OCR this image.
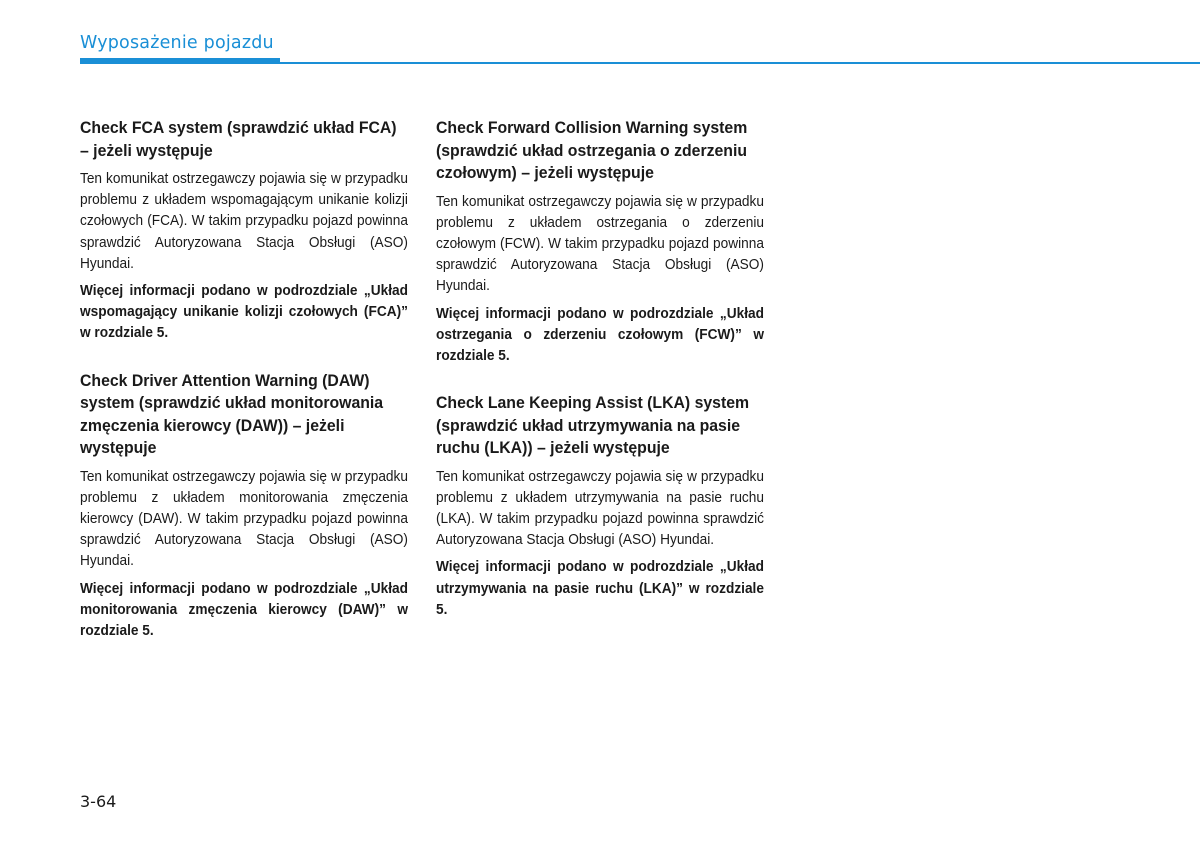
Wyposażenie pojazdu
Check FCA system (sprawdzić układ FCA) – jeżeli występuje

Ten komunikat ostrzegawczy pojawia się w przypadku problemu z układem wspomagającym unikanie kolizji czołowych (FCA). W takim przypadku pojazd powinna sprawdzić Autoryzowana Stacja Obsługi (ASO) Hyundai.

Więcej informacji podano w podrozdziale „Układ wspomagający unikanie kolizji czołowych (FCA)” w rozdziale 5.

Check Driver Attention Warning (DAW) system (sprawdzić układ monitorowania zmęczenia kierowcy (DAW)) – jeżeli występuje

Ten komunikat ostrzegawczy pojawia się w przypadku problemu z układem monitorowania zmęczenia kierowcy (DAW). W takim przypadku pojazd powinna sprawdzić Autoryzowana Stacja Obsługi (ASO) Hyundai.

Więcej informacji podano w podrozdziale „Układ monitorowania zmęczenia kierowcy (DAW)” w rozdziale 5.

Check Forward Collision Warning system (sprawdzić układ ostrzegania o zderzeniu czołowym) – jeżeli występuje

Ten komunikat ostrzegawczy pojawia się w przypadku problemu z układem ostrzegania o zderzeniu czołowym (FCW). W takim przypadku pojazd powinna sprawdzić Autoryzowana Stacja Obsługi (ASO) Hyundai.

Więcej informacji podano w podrozdziale „Układ ostrzegania o zderzeniu czołowym (FCW)” w rozdziale 5.

Check Lane Keeping Assist (LKA) system (sprawdzić układ utrzymywania na pasie ruchu (LKA)) – jeżeli występuje

Ten komunikat ostrzegawczy pojawia się w przypadku problemu z układem utrzymywania na pasie ruchu (LKA). W takim przypadku pojazd powinna sprawdzić Autoryzowana Stacja Obsługi (ASO) Hyundai.

Więcej informacji podano w podrozdziale „Układ utrzymywania na pasie ruchu (LKA)” w rozdziale 5.

3-64
